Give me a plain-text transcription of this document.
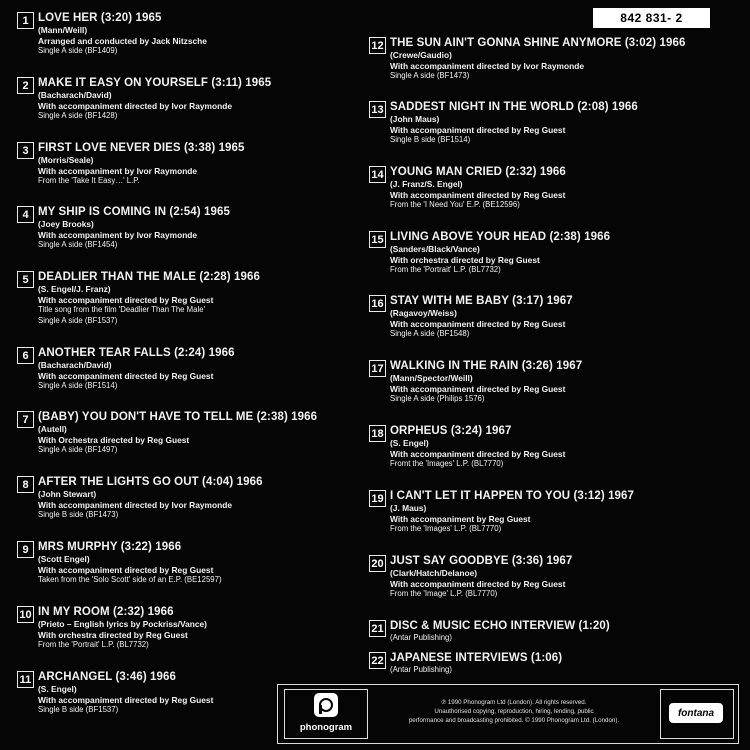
842 831- 2
1 LOVE HER (3:20) 1965
(Mann/Weill)
Arranged and conducted by Jack Nitzsche
Single A side (BF1409)
2 MAKE IT EASY ON YOURSELF (3:11) 1965
(Bacharach/David)
With accompaniment directed by Ivor Raymonde
Single A side (BF1428)
3 FIRST LOVE NEVER DIES (3:38) 1965
(Morris/Seale)
With accompaniment by Ivor Raymonde
From the 'Take It Easy…' L.P.
4 MY SHIP IS COMING IN (2:54) 1965
(Joey Brooks)
With accompaniment by Ivor Raymonde
Single A side (BF1454)
5 DEADLIER THAN THE MALE (2:28) 1966
(S. Engel/J. Franz)
With accompaniment directed by Reg Guest
Title song from the film 'Deadlier Than The Male'
Single A side (BF1537)
6 ANOTHER TEAR FALLS (2:24) 1966
(Bacharach/David)
With accompaniment directed by Reg Guest
Single A side (BF1514)
7 (BABY) YOU DON'T HAVE TO TELL ME (2:38) 1966
(Autell)
With Orchestra directed by Reg Guest
Single A side (BF1497)
8 AFTER THE LIGHTS GO OUT (4:04) 1966
(John Stewart)
With accompaniment directed by Ivor Raymonde
Single B side (BF1473)
9 MRS MURPHY (3:22) 1966
(Scott Engel)
With accompaniment directed by Reg Guest
Taken from the 'Solo Scott' side of an E.P. (BE12597)
10 IN MY ROOM (2:32) 1966
(Prieto – English lyrics by Pockriss/Vance)
With orchestra directed by Reg Guest
From the 'Portrait' L.P. (BL7732)
11 ARCHANGEL (3:46) 1966
(S. Engel)
With accompaniment directed by Reg Guest
Single B side (BF1537)
12 THE SUN AIN'T GONNA SHINE ANYMORE (3:02) 1966
(Crewe/Gaudio)
With accompaniment directed by Ivor Raymonde
Single A side (BF1473)
13 SADDEST NIGHT IN THE WORLD (2:08) 1966
(John Maus)
With accompaniment directed by Reg Guest
Single B side (BF1514)
14 YOUNG MAN CRIED (2:32) 1966
(J. Franz/S. Engel)
With accompaniment directed by Reg Guest
From the 'I Need You' E.P. (BE12596)
15 LIVING ABOVE YOUR HEAD (2:38) 1966
(Sanders/Black/Vance)
With orchestra directed by Reg Guest
From the 'Portrait' L.P. (BL7732)
16 STAY WITH ME BABY (3:17) 1967
(Ragavoy/Weiss)
With accompaniment directed by Reg Guest
Single A side (BF1548)
17 WALKING IN THE RAIN (3:26) 1967
(Mann/Spector/Weill)
With accompaniment directed by Reg Guest
Single A side (Philips 1576)
18 ORPHEUS (3:24) 1967
(S. Engel)
With accompaniment directed by Reg Guest
Fromt the 'Images' L.P. (BL7770)
19 I CAN'T LET IT HAPPEN TO YOU (3:12) 1967
(J. Maus)
With accompaniment by Reg Guest
From the 'Images' L.P. (BL7770)
20 JUST SAY GOODBYE (3:36) 1967
(Clark/Hatch/Delanoe)
With accompaniment directed by Reg Guest
From the 'Image' L.P. (BL7770)
21 DISC & MUSIC ECHO INTERVIEW (1:20)
(Antar Publishing)
22 JAPANESE INTERVIEWS (1:06)
(Antar Publishing)
phonogram
℗ 1990 Phonogram Ltd (London). All rights reserved.
Unauthorised copying, reproduction, hiring, lending, public
performance and broadcasting prohibited. © 1990 Phonogram Ltd. (London).
fontana
